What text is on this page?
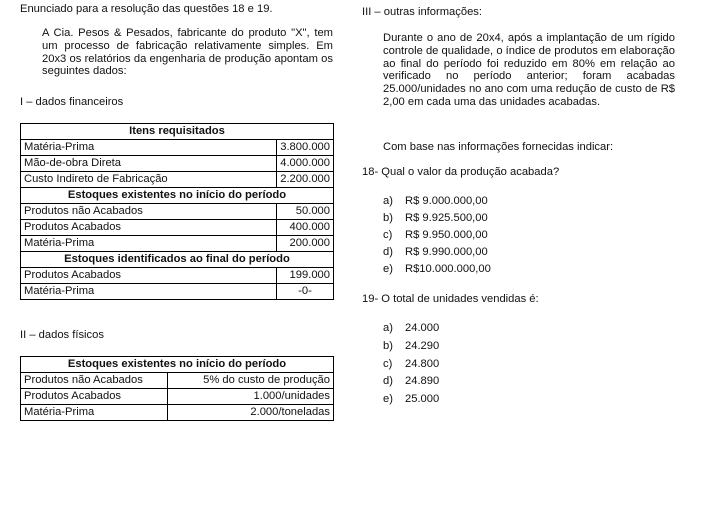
Enunciado para a resolução das questões 18 e 19.
A Cia. Pesos & Pesados, fabricante do produto "X", tem um processo de fabricação relativamente simples. Em 20x3 os relatórios da engenharia de produção apontam os seguintes dados:
I – dados financeiros
Itens requisitados	
Matéria-Prima	3.800.000
Mão-de-obra Direta	4.000.000
Custo Indireto de Fabricação	2.200.000
Estoques existentes no início do período	
Produtos não Acabados	50.000
Produtos Acabados	400.000
Matéria-Prima	200.000
Estoques identificados ao final do período	
Produtos Acabados	199.000
Matéria-Prima	-0-
II – dados físicos
Estoques existentes no início do período	
Produtos não Acabados	5% do custo de produção
Produtos Acabados	1.000/unidades
Matéria-Prima	2.000/toneladas
III – outras informações:
Durante o ano de 20x4, após a implantação de um rígido controle de qualidade, o índice de produtos em elaboração ao final do período foi reduzido em 80% em relação ao verificado no período anterior; foram acabadas 25.000/unidades no ano com uma redução de custo de R$ 2,00 em cada uma das unidades acabadas.
Com base nas informações fornecidas indicar:
18- Qual o valor da produção acabada?
a) R$ 9.000.000,00
b) R$ 9.925.500,00
c) R$ 9.950.000,00
d) R$ 9.990.000,00
e) R$10.000.000,00
19- O total de unidades vendidas é:
a) 24.000
b) 24.290
c) 24.800
d) 24.890
e) 25.000
